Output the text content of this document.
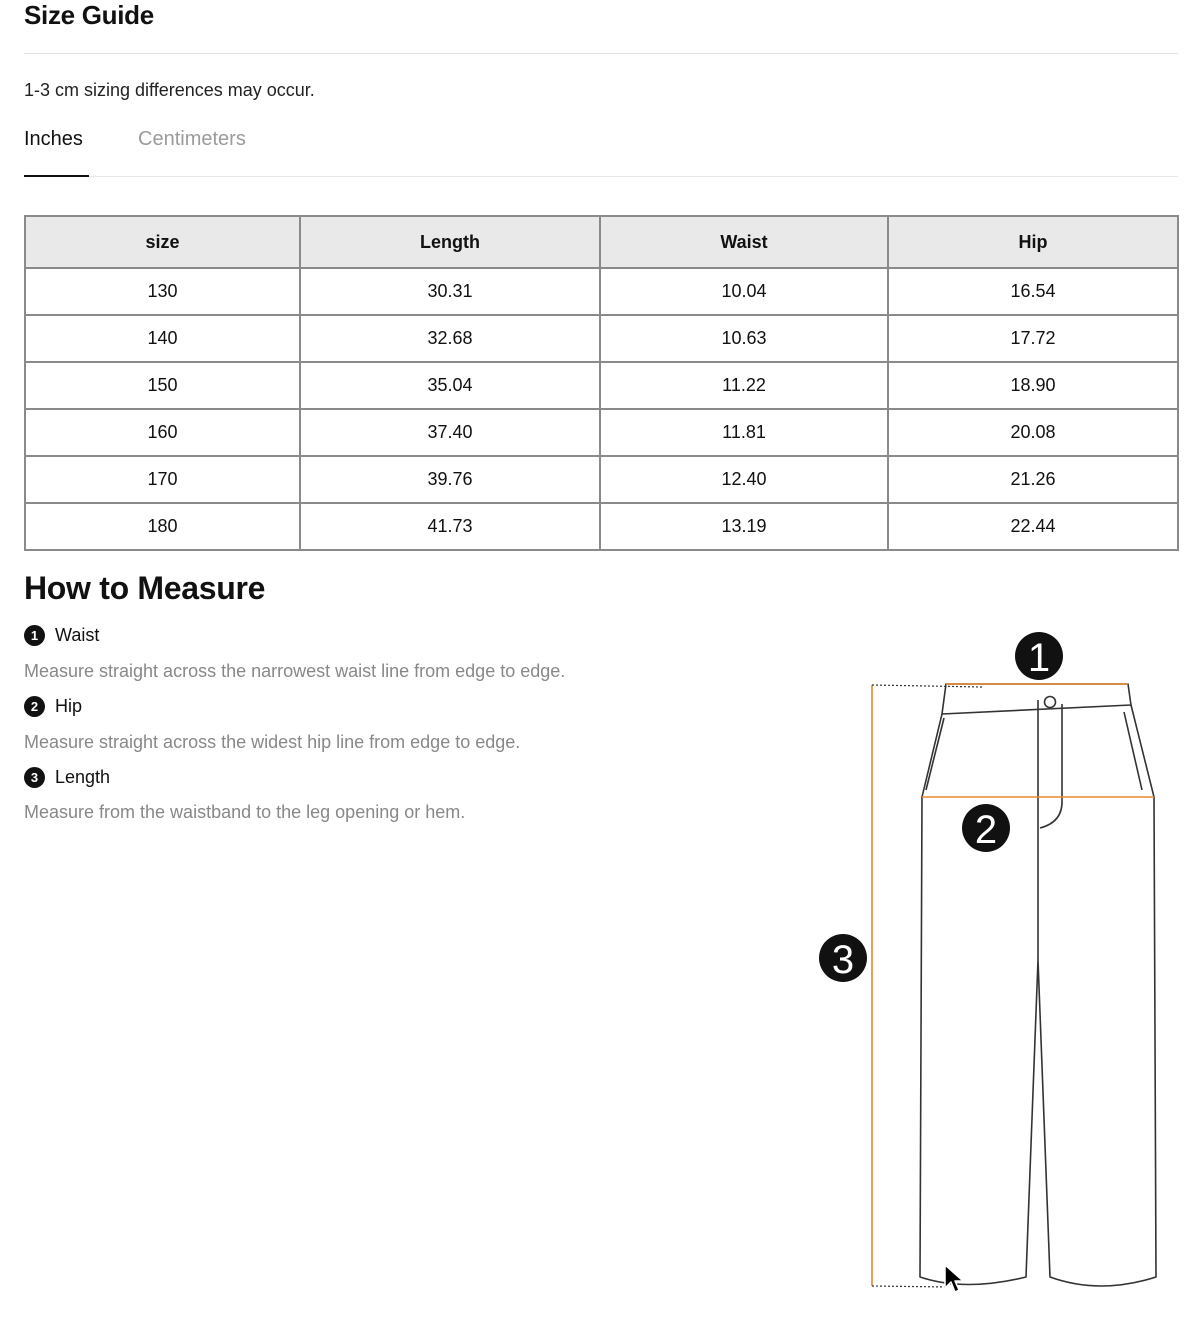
Size Guide
1-3 cm sizing differences may occur.
Inches	Centimeters
size	Length	Waist	Hip
130	30.31	10.04	16.54
140	32.68	10.63	17.72
150	35.04	11.22	18.90
160	37.40	11.81	20.08
170	39.76	12.40	21.26
180	41.73	13.19	22.44
How to Measure
1 Waist
Measure straight across the narrowest waist line from edge to edge.
2 Hip
Measure straight across the widest hip line from edge to edge.
3 Length
Measure from the waistband to the leg opening or hem.
1
2
3
